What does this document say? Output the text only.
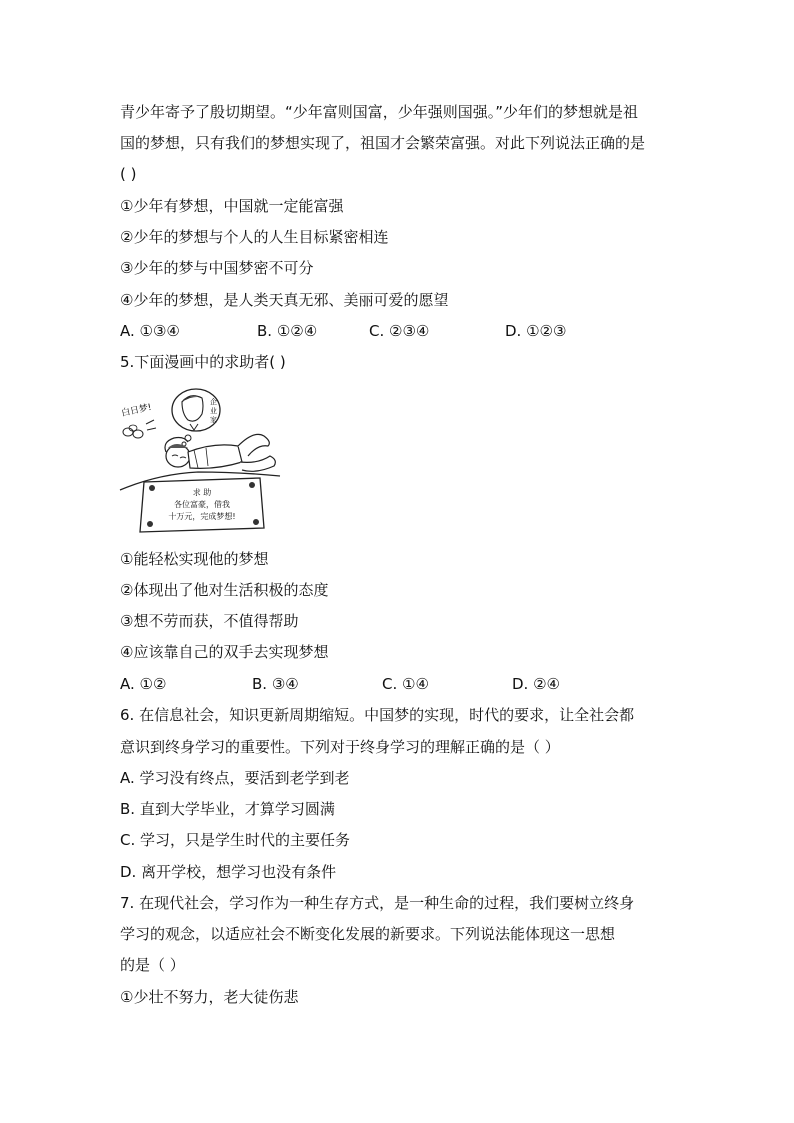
青少年寄予了殷切期望。“少年富则国富，少年强则国强。”少年们的梦想就是祖
国的梦想，只有我们的梦想实现了，祖国才会繁荣富强。对此下列说法正确的是
( )
①少年有梦想，中国就一定能富强
②少年的梦想与个人的人生目标紧密相连
③少年的梦与中国梦密不可分
④少年的梦想，是人类天真无邪、美丽可爱的愿望
A. ①③④	B. ①②④	C. ②③④	D. ①②③
5.下面漫画中的求助者( )
白日梦!
企
业
家
求 助
各位富豪，借我
十万元，完成梦想!
①能轻松实现他的梦想
②体现出了他对生活积极的态度
③想不劳而获，不值得帮助
④应该靠自己的双手去实现梦想
A. ①②	B. ③④	C. ①④	D. ②④
6. 在信息社会，知识更新周期缩短。中国梦的实现，时代的要求，让全社会都
意识到终身学习的重要性。下列对于终身学习的理解正确的是（ ）
A. 学习没有终点，要活到老学到老
B. 直到大学毕业，才算学习圆满
C. 学习，只是学生时代的主要任务
D. 离开学校，想学习也没有条件
7. 在现代社会，学习作为一种生存方式，是一种生命的过程，我们要树立终身
学习的观念，以适应社会不断变化发展的新要求。下列说法能体现这一思想
的是（ ）
①少壮不努力，老大徒伤悲
